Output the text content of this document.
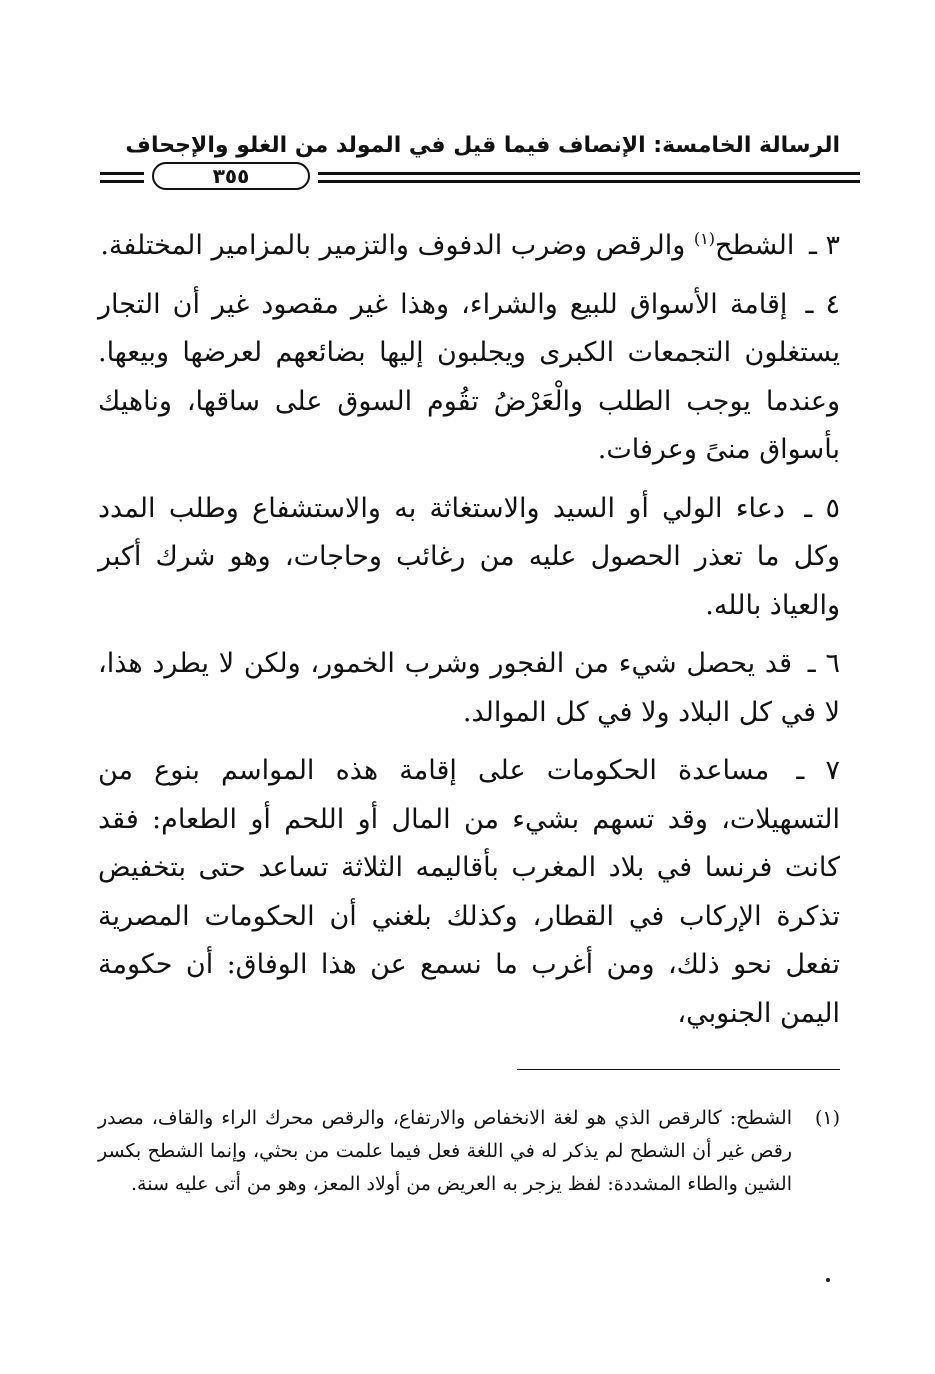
الرسالة الخامسة: الإنصاف فيما قيل في المولد من الغلو والإجحاف
٣٥٥

٣ ـ الشطح$^{(١)}$ والرقص وضرب الدفوف والتزمير بالمزامير المختلفة.

٤ ـ إقامة الأسواق للبيع والشراء، وهذا غير مقصود غير أن التجار يستغلون التجمعات الكبرى ويجلبون إليها بضائعهم لعرضها وبيعها. وعندما يوجب الطلب والْعَرْضُ تقُوم السوق على ساقها، وناهيك بأسواق منىً وعرفات.

٥ ـ دعاء الولي أو السيد والاستغاثة به والاستشفاع وطلب المدد وكل ما تعذر الحصول عليه من رغائب وحاجات، وهو شرك أكبر والعياذ بالله.

٦ ـ قد يحصل شيء من الفجور وشرب الخمور، ولكن لا يطرد هذا، لا في كل البلاد ولا في كل الموالد.

٧ ـ مساعدة الحكومات على إقامة هذه المواسم بنوع من التسهيلات، وقد تسهم بشيء من المال أو اللحم أو الطعام: فقد كانت فرنسا في بلاد المغرب بأقاليمه الثلاثة تساعد حتى بتخفيض تذكرة الإركاب في القطار، وكذلك بلغني أن الحكومات المصرية تفعل نحو ذلك، ومن أغرب ما نسمع عن هذا الوفاق: أن حكومة اليمن الجنوبي،

(١)
الشطح: كالرقص الذي هو لغة الانخفاص والارتفاع، والرقص محرك الراء والقاف، مصدر رقص غير أن الشطح لم يذكر له في اللغة فعل فيما علمت من بحثي، وإنما الشطح بكسر الشين والطاء المشددة: لفظ يزجر به العريض من أولاد المعز، وهو من أتى عليه سنة.
